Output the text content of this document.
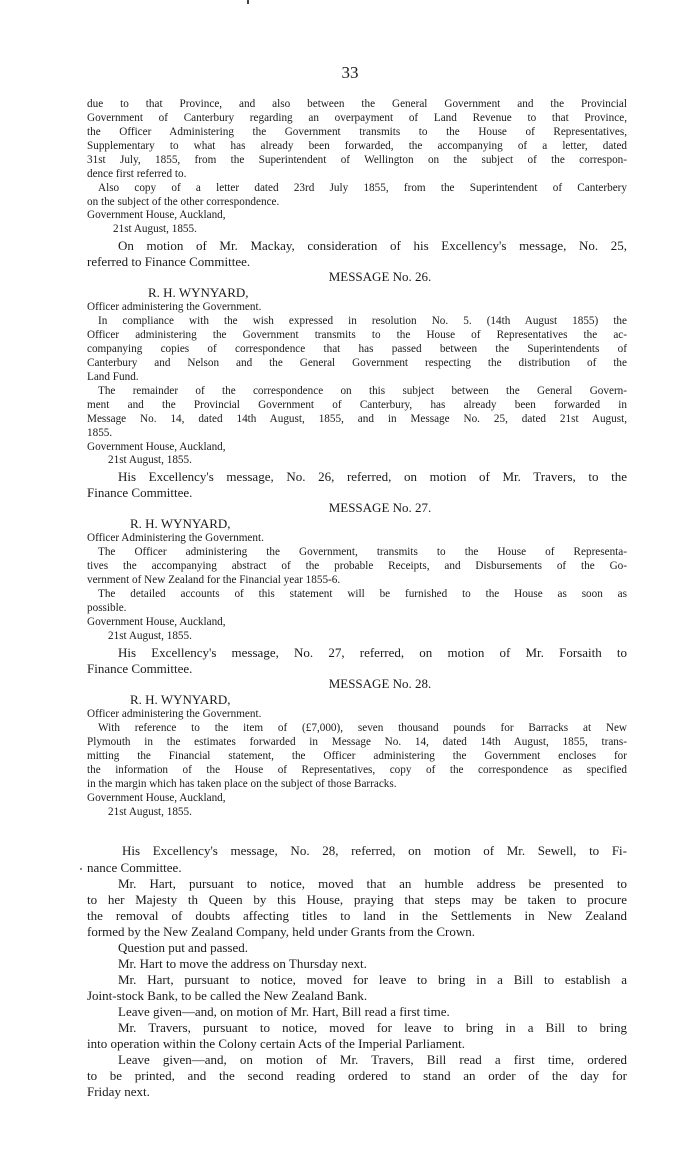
33
due to that Province, and also between the General Government and the Provincial
Government of Canterbury regarding an overpayment of Land Revenue to that Province,
the Officer Administering the Government transmits to the House of Representatives,
Supplementary to what has already been forwarded, the accompanying of a letter, dated
31st July, 1855, from the Superintendent of Wellington on the subject of the correspon-
dence first referred to.
Also copy of a letter dated 23rd July 1855, from the Superintendent of Canterbery
on the subject of the other correspondence.
Government House, Auckland,
21st August, 1855.
On motion of Mr. Mackay, consideration of his Excellency's message, No. 25,
referred to Finance Committee.
MESSAGE No. 26.
R. H. WYNYARD,
Officer administering the Government.
In compliance with the wish expressed in resolution No. 5. (14th August 1855) the
Officer administering the Government transmits to the House of Representatives the ac-
companying copies of correspondence that has passed between the Superintendents of
Canterbury and Nelson and the General Government respecting the distribution of the
Land Fund.
The remainder of the correspondence on this subject between the General Govern-
ment and the Provincial Government of Canterbury, has already been forwarded in
Message No. 14, dated 14th August, 1855, and in Message No. 25, dated 21st August,
1855.
Government House, Auckland,
21st August, 1855.
His Excellency's message, No. 26, referred, on motion of Mr. Travers, to the
Finance Committee.
MESSAGE No. 27.
R. H. WYNYARD,
Officer Administering the Government.
The Officer administering the Government, transmits to the House of Representa-
tives the accompanying abstract of the probable Receipts, and Disbursements of the Go-
vernment of New Zealand for the Financial year 1855-6.
The detailed accounts of this statement will be furnished to the House as soon as
possible.
Government House, Auckland,
21st August, 1855.
His Excellency's message, No. 27, referred, on motion of Mr. Forsaith to
Finance Committee.
MESSAGE No. 28.
R. H. WYNYARD,
Officer administering the Government.
With reference to the item of (£7,000), seven thousand pounds for Barracks at New
Plymouth in the estimates forwarded in Message No. 14, dated 14th August, 1855, trans-
mitting the Financial statement, the Officer administering the Government encloses for
the information of the House of Representatives, copy of the correspondence as specified
in the margin which has taken place on the subject of those Barracks.
Government House, Auckland,
21st August, 1855.
His Excellency's message, No. 28, referred, on motion of Mr. Sewell, to Fi-
nance Committee.
Mr. Hart, pursuant to notice, moved that an humble address be presented to
to her Majesty th Queen by this House, praying that steps may be taken to procure
the removal of doubts affecting titles to land in the Settlements in New Zealand
formed by the New Zealand Company, held under Grants from the Crown.
Question put and passed.
Mr. Hart to move the address on Thursday next.
Mr. Hart, pursuant to notice, moved for leave to bring in a Bill to establish a
Joint-stock Bank, to be called the New Zealand Bank.
Leave given—and, on motion of Mr. Hart, Bill read a first time.
Mr. Travers, pursuant to notice, moved for leave to bring in a Bill to bring
into operation within the Colony certain Acts of the Imperial Parliament.
Leave given—and, on motion of Mr. Travers, Bill read a first time, ordered
to be printed, and the second reading ordered to stand an order of the day for
Friday next.
